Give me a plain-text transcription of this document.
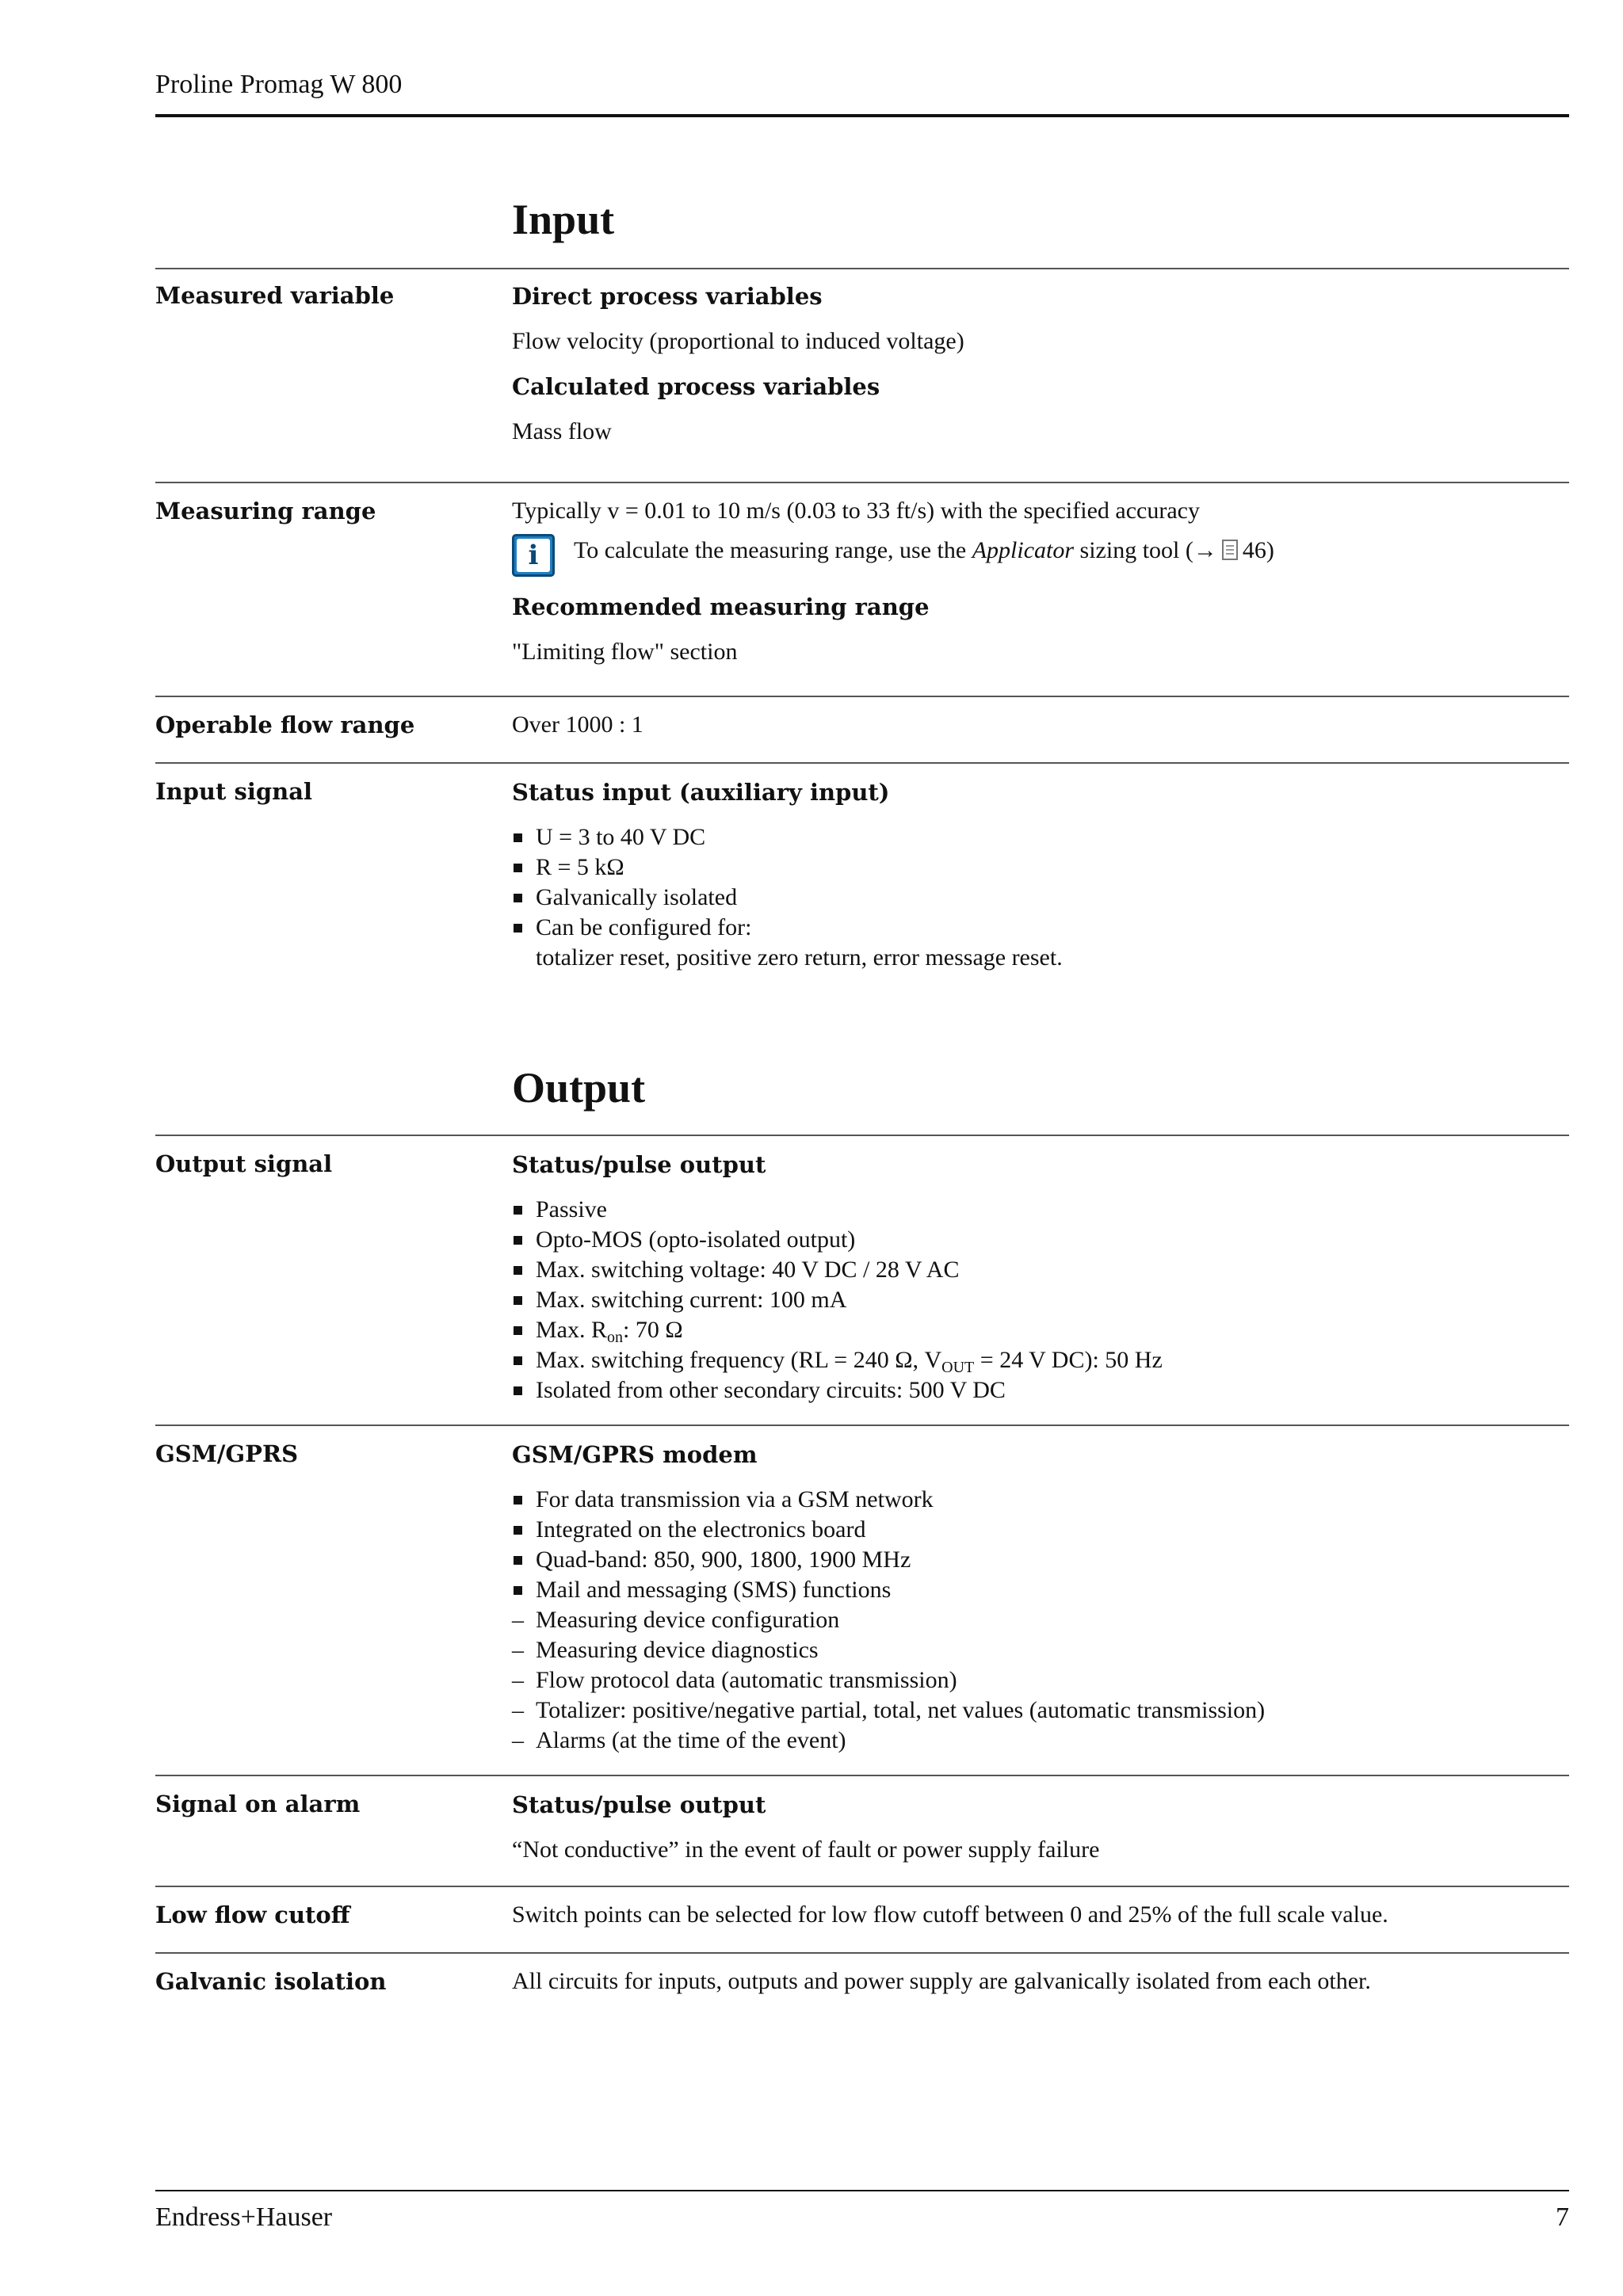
Proline Promag W 800
Input
Measured variable	Direct process variables
Flow velocity (proportional to induced voltage)
Calculated process variables
Mass flow
Measuring range	Typically v = 0.01 to 10 m/s (0.03 to 33 ft/s) with the specified accuracy
i To calculate the measuring range, use the Applicator sizing tool (→ 46)
Recommended measuring range
"Limiting flow" section
Operable flow range	Over 1000 : 1
Input signal	Status input (auxiliary input)
U = 3 to 40 V DC
R = 5 kΩ
Galvanically isolated
Can be configured for:
totalizer reset, positive zero return, error message reset.
Output
Output signal	Status/pulse output
Passive
Opto-MOS (opto-isolated output)
Max. switching voltage: 40 V DC / 28 V AC
Max. switching current: 100 mA
Max. $R_{on}$: 70 Ω
Max. switching frequency (RL = 240 Ω, $V_{OUT} = 24$ V DC): 50 Hz
Isolated from other secondary circuits: 500 V DC
GSM/GPRS	GSM/GPRS modem
For data transmission via a GSM network
Integrated on the electronics board
Quad-band: 850, 900, 1800, 1900 MHz
Mail and messaging (SMS) functions
– Measuring device configuration
– Measuring device diagnostics
– Flow protocol data (automatic transmission)
– Totalizer: positive/negative partial, total, net values (automatic transmission)
– Alarms (at the time of the event)
Signal on alarm	Status/pulse output
“Not conductive” in the event of fault or power supply failure
Low flow cutoff	Switch points can be selected for low flow cutoff between 0 and 25% of the full scale value.
Galvanic isolation	All circuits for inputs, outputs and power supply are galvanically isolated from each other.
Endress+Hauser	7
